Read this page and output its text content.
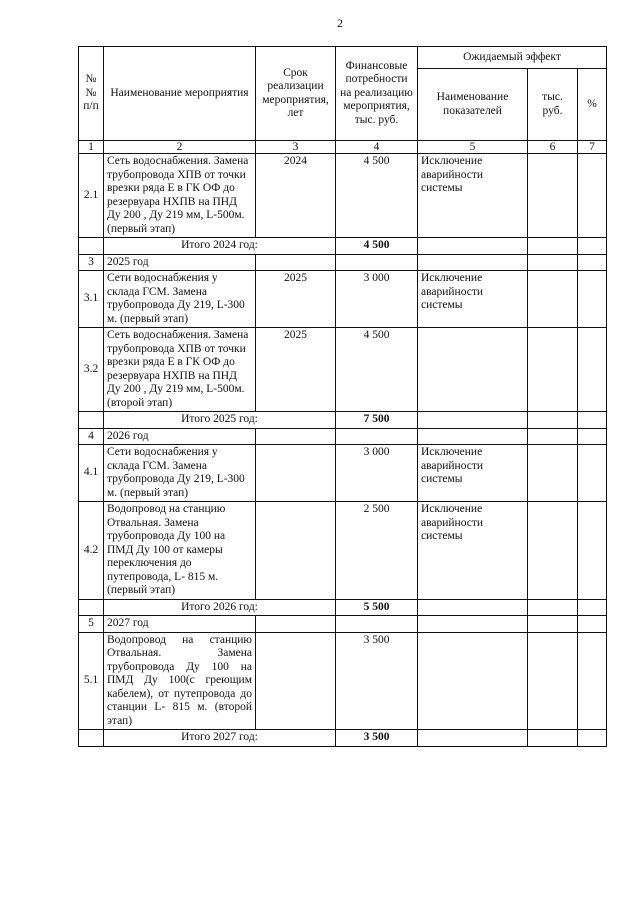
2
№№ п/п	Наименование мероприятия	Срок реализации мероприятия, лет	Финансовые потребности на реализацию мероприятия, тыс. руб.	Ожидаемый эффект		
				Наименование показателей	тыс. руб.	%
1	2	3	4	5	6	7
2.1	Сеть водоснабжения. Замена трубопровода ХПВ от точки врезки ряда Е в ГК ОФ до резервуара НХПВ на ПНД Ду 200 , Ду 219 мм, L-500м. (первый этап)	2024	4 500	Исключение аварийности системы		
	Итого 2024 год:		4 500			
3	2025 год					
3.1	Сети водоснабжения у склада ГСМ. Замена трубопровода Ду 219, L-300 м. (первый этап)	2025	3 000	Исключение аварийности системы		
3.2	Сеть водоснабжения. Замена трубопровода ХПВ от точки врезки ряда Е в ГК ОФ до резервуара НХПВ на ПНД Ду 200 , Ду 219 мм, L-500м. (второй этап)	2025	4 500			
	Итого 2025 год:		7 500			
4	2026 год					
4.1	Сети водоснабжения у склада ГСМ. Замена трубопровода Ду 219, L-300 м. (первый этап)		3 000	Исключение аварийности системы		
4.2	Водопровод на станцию Отвальная. Замена трубопровода Ду 100 на ПМД Ду 100 от камеры переключения до путепровода, L- 815 м. (первый этап)		2 500	Исключение аварийности системы		
	Итого 2026 год:		5 500			
5	2027 год					
5.1	Водопровод на станцию Отвальная. Замена трубопровода Ду 100 на ПМД Ду 100(с греющим кабелем), от путепровода до станции L- 815 м. (второй этап)		3 500			
	Итого 2027 год:		3 500			
